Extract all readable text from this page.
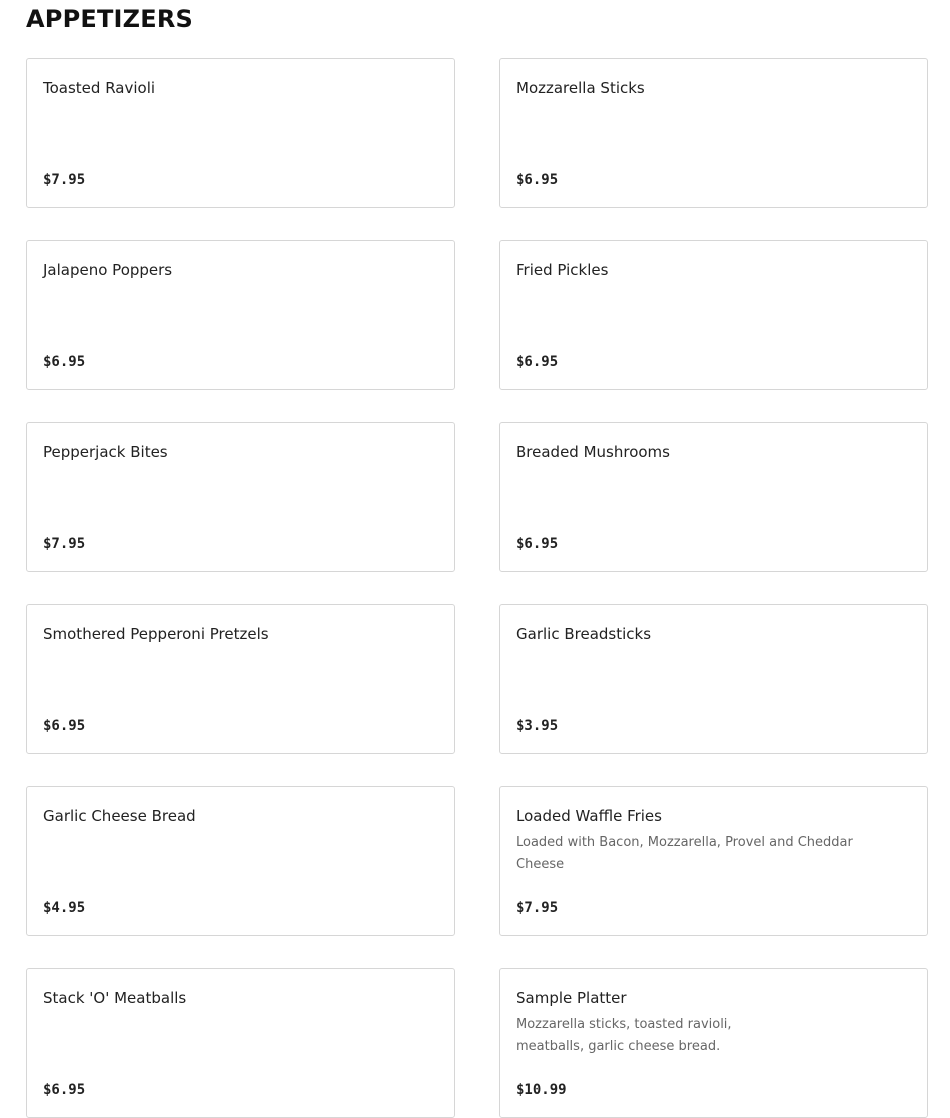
APPETIZERS
Toasted Ravioli
$7.95
Mozzarella Sticks
$6.95
Jalapeno Poppers
$6.95
Fried Pickles
$6.95
Pepperjack Bites
$7.95
Breaded Mushrooms
$6.95
Smothered Pepperoni Pretzels
$6.95
Garlic Breadsticks
$3.95
Garlic Cheese Bread
$4.95
Loaded Waffle Fries
Loaded with Bacon, Mozzarella, Provel and Cheddar Cheese
$7.95
Stack 'O' Meatballs
$6.95
Sample Platter
Mozzarella sticks, toasted ravioli, meatballs, garlic cheese bread.
$10.99
